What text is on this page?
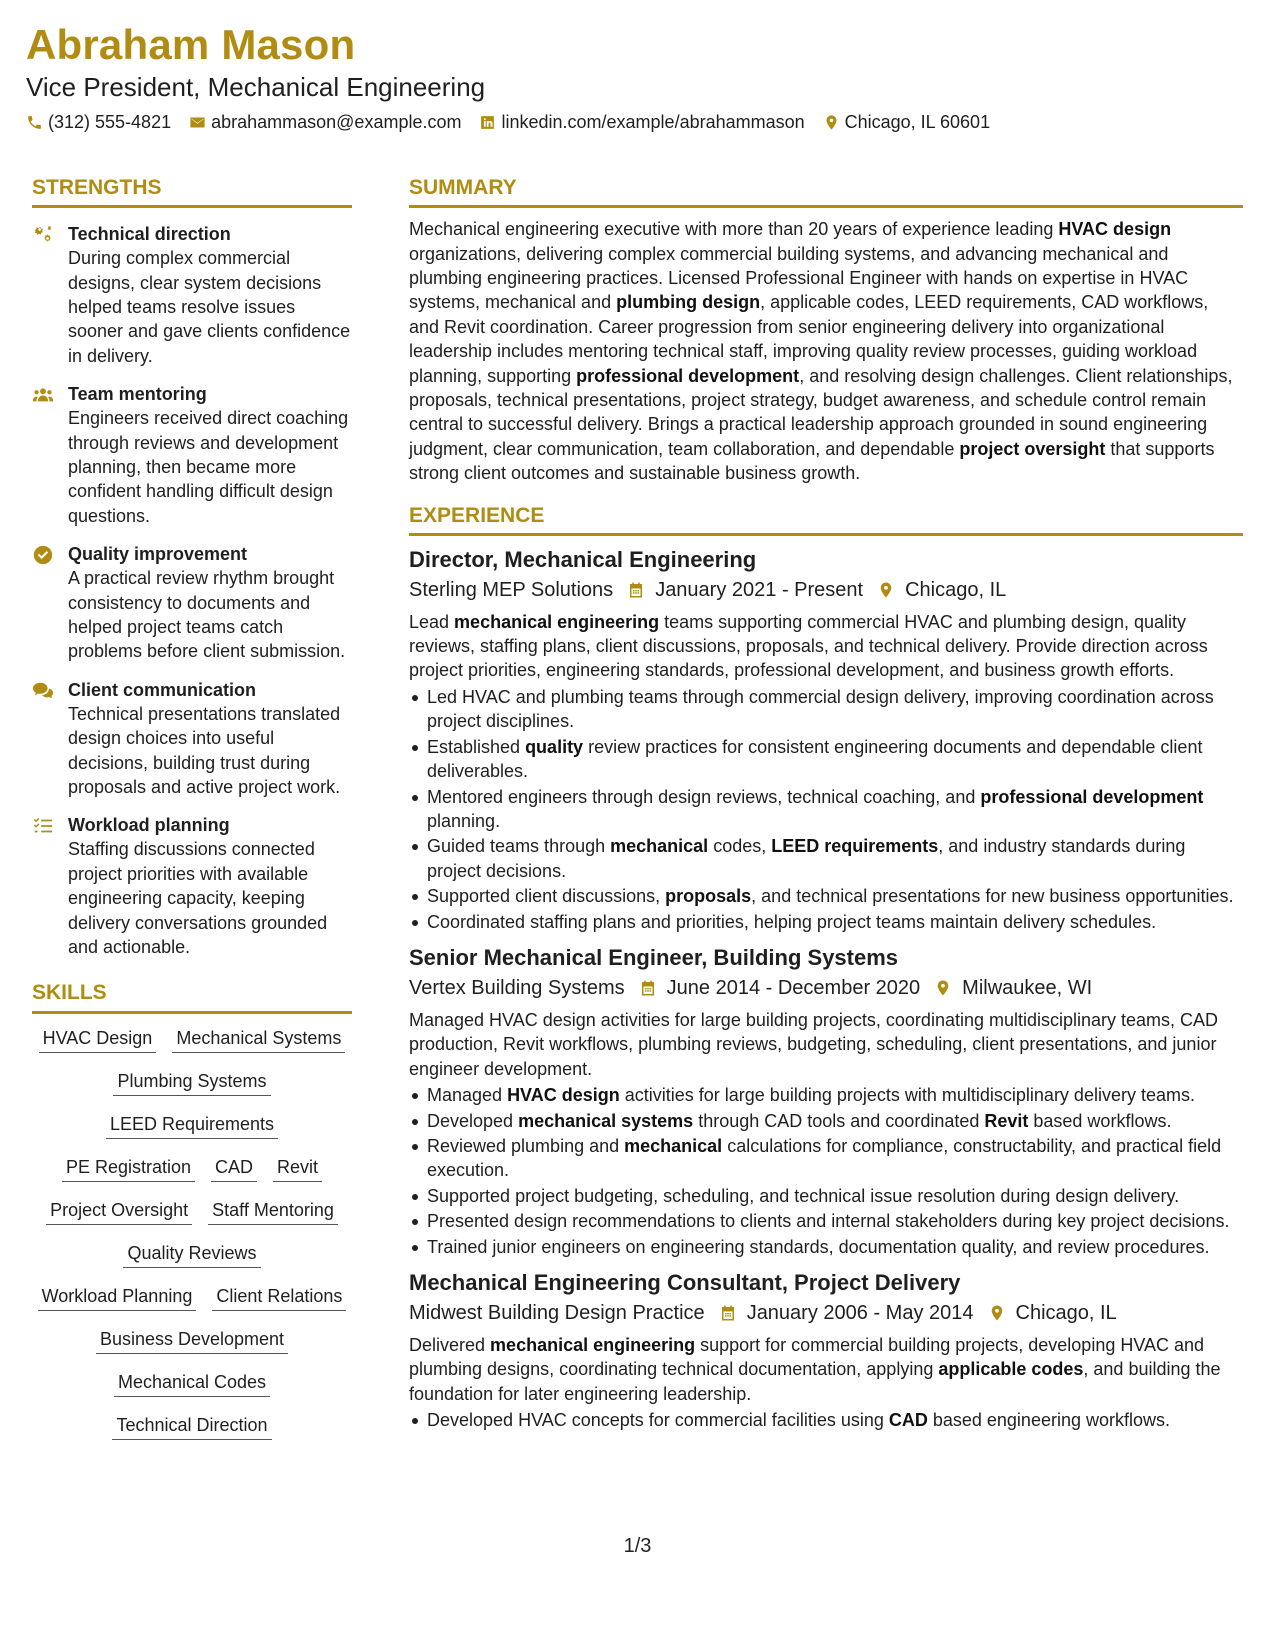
Abraham Mason
Vice President, Mechanical Engineering
(312) 555-4821 abrahammason@example.com linkedin.com/example/abrahammason Chicago, IL 60601
STRENGTHS
Technical direction
During complex commercial designs, clear system decisions helped teams resolve issues sooner and gave clients confidence in delivery.
Team mentoring
Engineers received direct coaching through reviews and development planning, then became more confident handling difficult design questions.
Quality improvement
A practical review rhythm brought consistency to documents and helped project teams catch problems before client submission.
Client communication
Technical presentations translated design choices into useful decisions, building trust during proposals and active project work.
Workload planning
Staffing discussions connected project priorities with available engineering capacity, keeping delivery conversations grounded and actionable.
SKILLS
HVAC Design Mechanical Systems
Plumbing Systems
LEED Requirements
PE Registration CAD Revit
Project Oversight Staff Mentoring
Quality Reviews
Workload Planning Client Relations
Business Development
Mechanical Codes
Technical Direction
SUMMARY
Mechanical engineering executive with more than 20 years of experience leading HVAC design organizations, delivering complex commercial building systems, and advancing mechanical and plumbing engineering practices. Licensed Professional Engineer with hands on expertise in HVAC systems, mechanical and plumbing design, applicable codes, LEED requirements, CAD workflows, and Revit coordination. Career progression from senior engineering delivery into organizational leadership includes mentoring technical staff, improving quality review processes, guiding workload planning, supporting professional development, and resolving design challenges. Client relationships, proposals, technical presentations, project strategy, budget awareness, and schedule control remain central to successful delivery. Brings a practical leadership approach grounded in sound engineering judgment, clear communication, team collaboration, and dependable project oversight that supports strong client outcomes and sustainable business growth.
EXPERIENCE
Director, Mechanical Engineering
Sterling MEP Solutions January 2021 - Present Chicago, IL
Lead mechanical engineering teams supporting commercial HVAC and plumbing design, quality reviews, staffing plans, client discussions, proposals, and technical delivery. Provide direction across project priorities, engineering standards, professional development, and business growth efforts.
Led HVAC and plumbing teams through commercial design delivery, improving coordination across project disciplines.
Established quality review practices for consistent engineering documents and dependable client deliverables.
Mentored engineers through design reviews, technical coaching, and professional development planning.
Guided teams through mechanical codes, LEED requirements, and industry standards during project decisions.
Supported client discussions, proposals, and technical presentations for new business opportunities.
Coordinated staffing plans and priorities, helping project teams maintain delivery schedules.
Senior Mechanical Engineer, Building Systems
Vertex Building Systems June 2014 - December 2020 Milwaukee, WI
Managed HVAC design activities for large building projects, coordinating multidisciplinary teams, CAD production, Revit workflows, plumbing reviews, budgeting, scheduling, client presentations, and junior engineer development.
Managed HVAC design activities for large building projects with multidisciplinary delivery teams.
Developed mechanical systems through CAD tools and coordinated Revit based workflows.
Reviewed plumbing and mechanical calculations for compliance, constructability, and practical field execution.
Supported project budgeting, scheduling, and technical issue resolution during design delivery.
Presented design recommendations to clients and internal stakeholders during key project decisions.
Trained junior engineers on engineering standards, documentation quality, and review procedures.
Mechanical Engineering Consultant, Project Delivery
Midwest Building Design Practice January 2006 - May 2014 Chicago, IL
Delivered mechanical engineering support for commercial building projects, developing HVAC and plumbing designs, coordinating technical documentation, applying applicable codes, and building the foundation for later engineering leadership.
Developed HVAC concepts for commercial facilities using CAD based engineering workflows.
1/3
